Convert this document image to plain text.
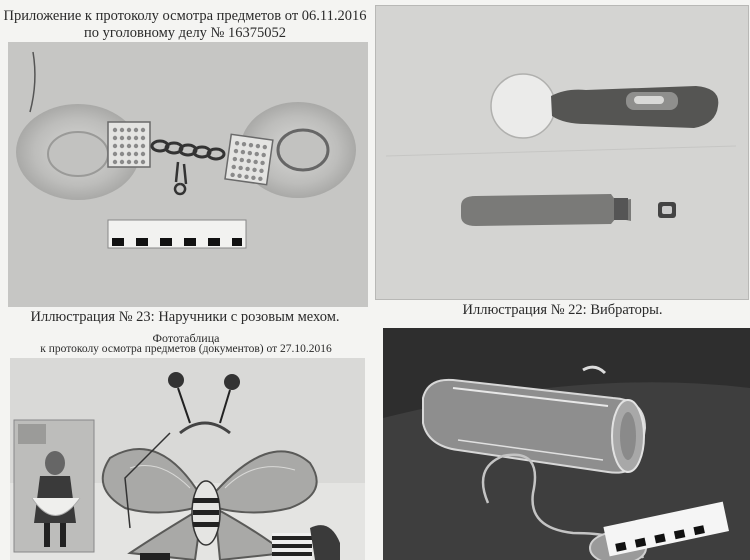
Приложение к протоколу осмотра предметов от 06.11.2016
по уголовному делу № 16375052
Иллюстрация № 23: Наручники с розовым мехом.	Иллюстрация № 22: Вибраторы.
Фототаблица
к протоколу осмотра предметов (документов) от 27.10.2016
